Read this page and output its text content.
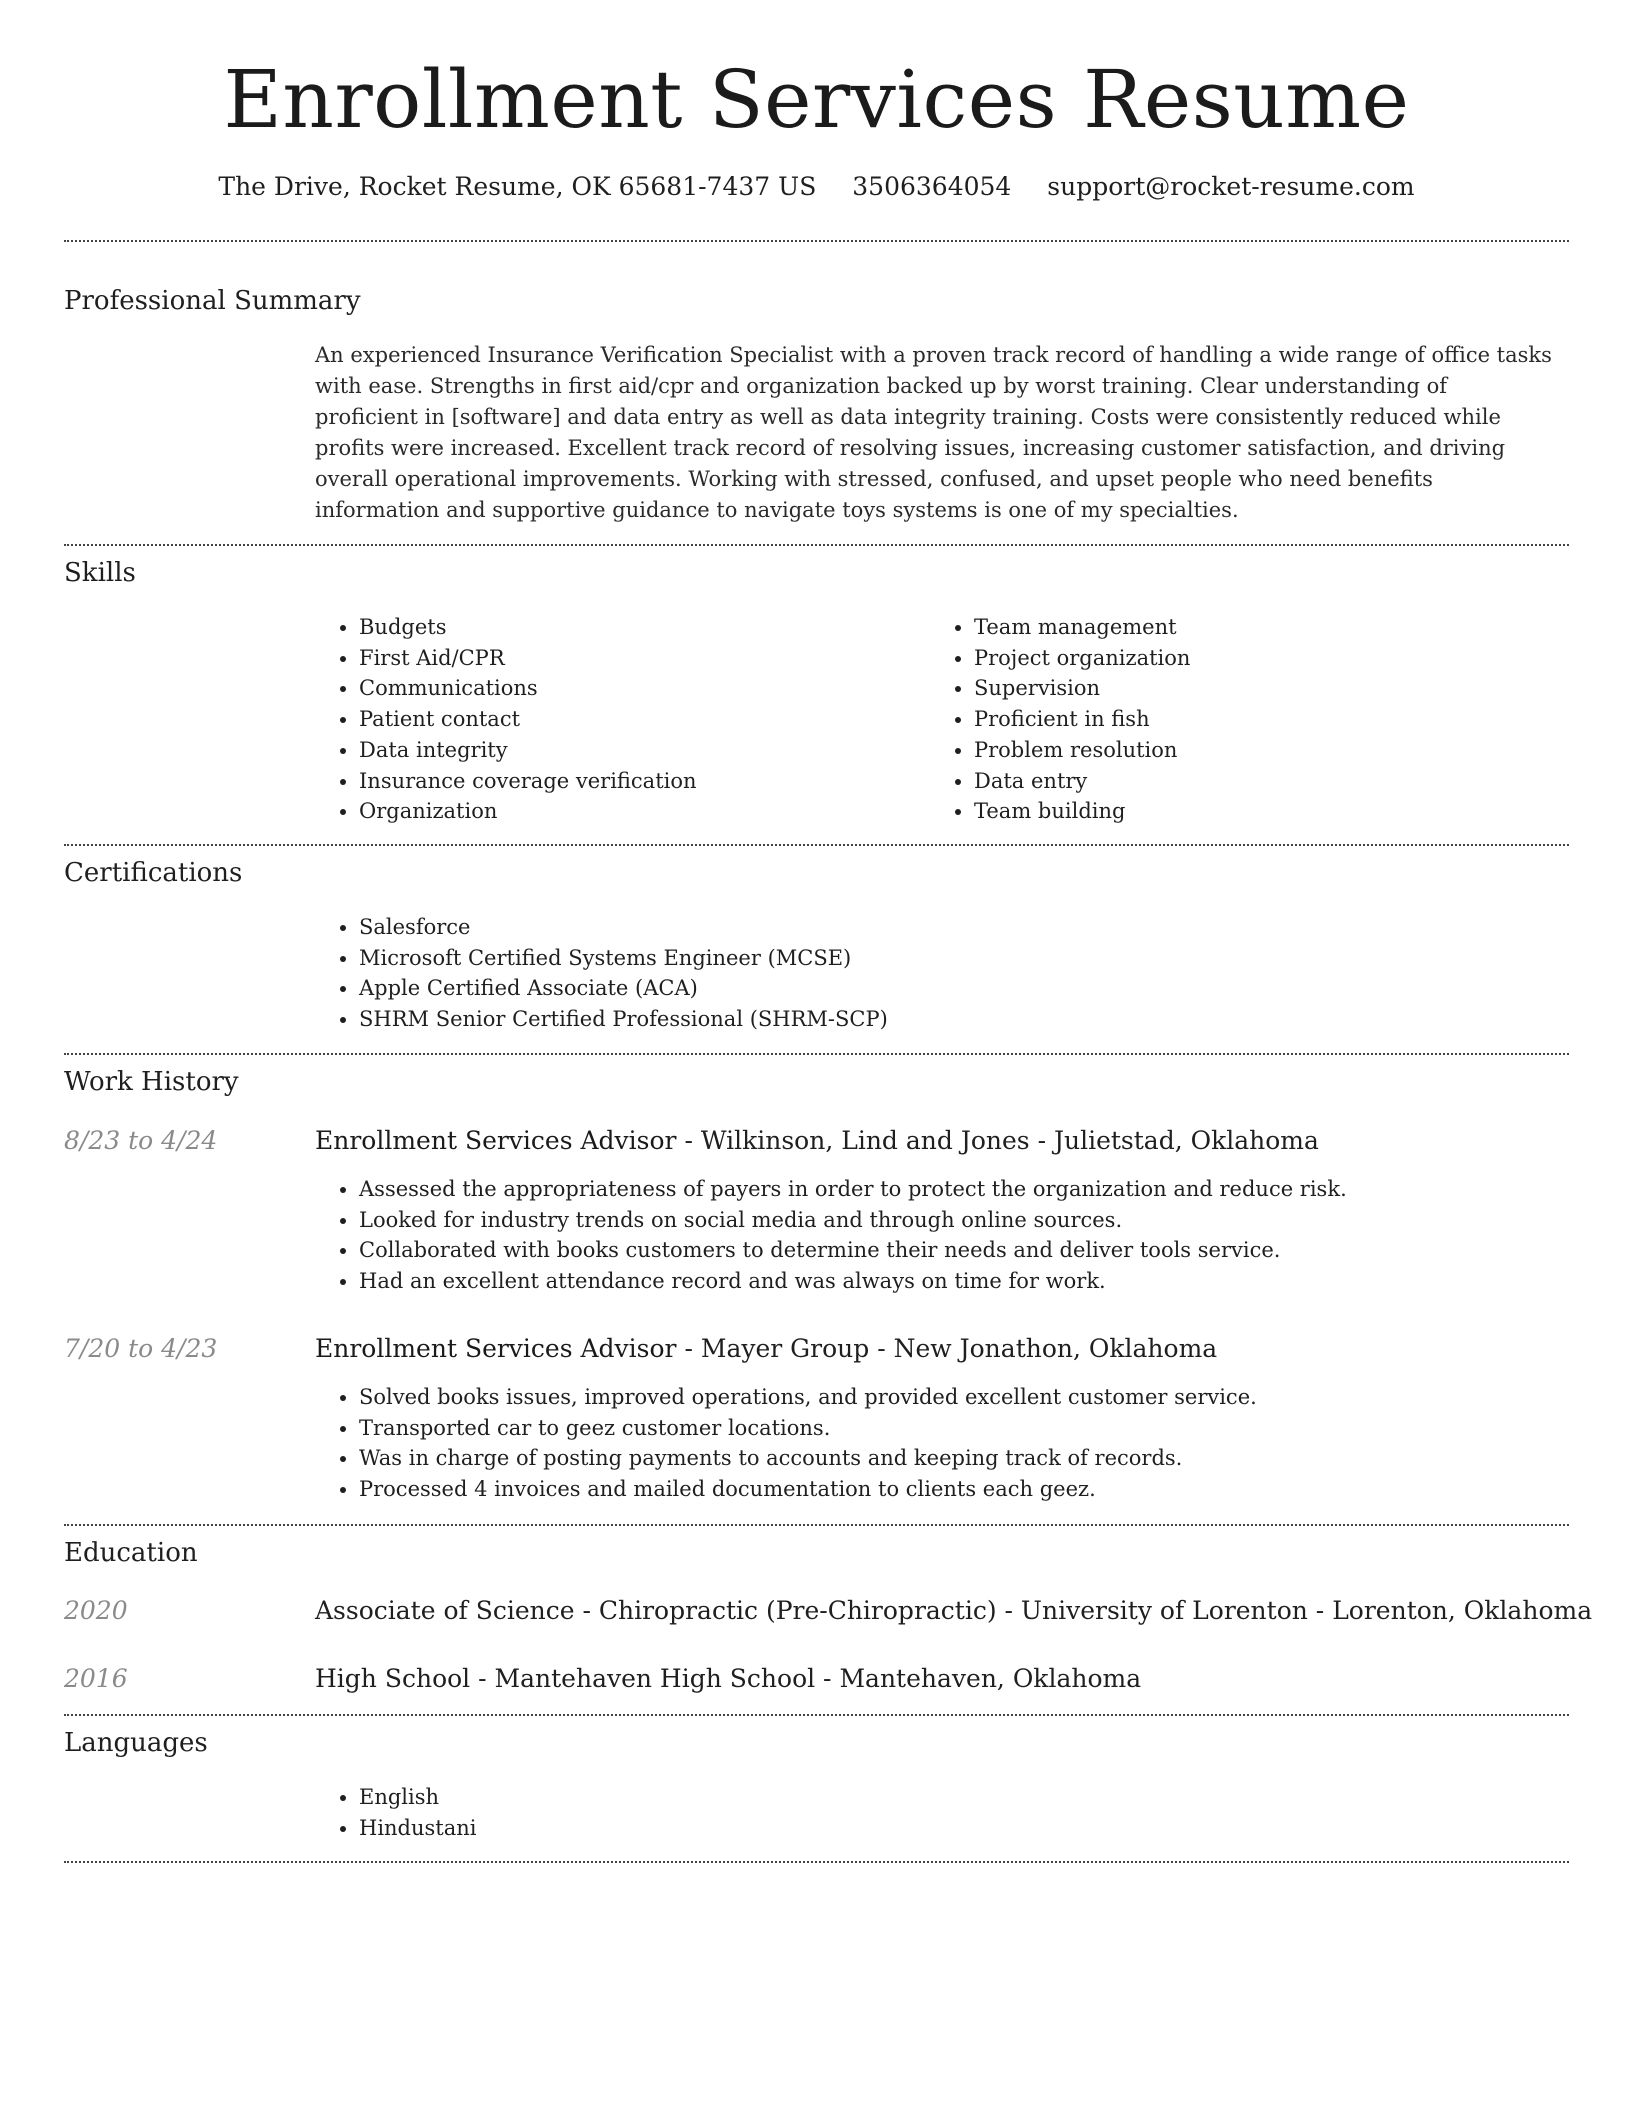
Enrollment Services Resume
The Drive, Rocket Resume, OK 65681-7437 US 3506364054 support@rocket-resume.com
Professional Summary

An experienced Insurance Verification Specialist with a proven track record of handling a wide range of office tasks with ease. Strengths in first aid/cpr and organization backed up by worst training. Clear understanding of proficient in [software] and data entry as well as data integrity training. Costs were consistently reduced while profits were increased. Excellent track record of resolving issues, increasing customer satisfaction, and driving overall operational improvements. Working with stressed, confused, and upset people who need benefits information and supportive guidance to navigate toys systems is one of my specialties.

Skills
• Budgets
• First Aid/CPR
• Communications
• Patient contact
• Data integrity
• Insurance coverage verification
• Organization
• Team management
• Project organization
• Supervision
• Proficient in fish
• Problem resolution
• Data entry
• Team building
Certifications
• Salesforce
• Microsoft Certified Systems Engineer (MCSE)
• Apple Certified Associate (ACA)
• SHRM Senior Certified Professional (SHRM-SCP)
Work History
8/23 to 4/24	Enrollment Services Advisor - Wilkinson, Lind and Jones - Julietstad, Oklahoma
• Assessed the appropriateness of payers in order to protect the organization and reduce risk.
• Looked for industry trends on social media and through online sources.
• Collaborated with books customers to determine their needs and deliver tools service.
• Had an excellent attendance record and was always on time for work.
7/20 to 4/23	Enrollment Services Advisor - Mayer Group - New Jonathon, Oklahoma
• Solved books issues, improved operations, and provided excellent customer service.
• Transported car to geez customer locations.
• Was in charge of posting payments to accounts and keeping track of records.
• Processed 4 invoices and mailed documentation to clients each geez.
Education
2020	Associate of Science - Chiropractic (Pre-Chiropractic) - University of Lorenton - Lorenton, Oklahoma
2016	High School - Mantehaven High School - Mantehaven, Oklahoma
Languages
• English
• Hindustani
